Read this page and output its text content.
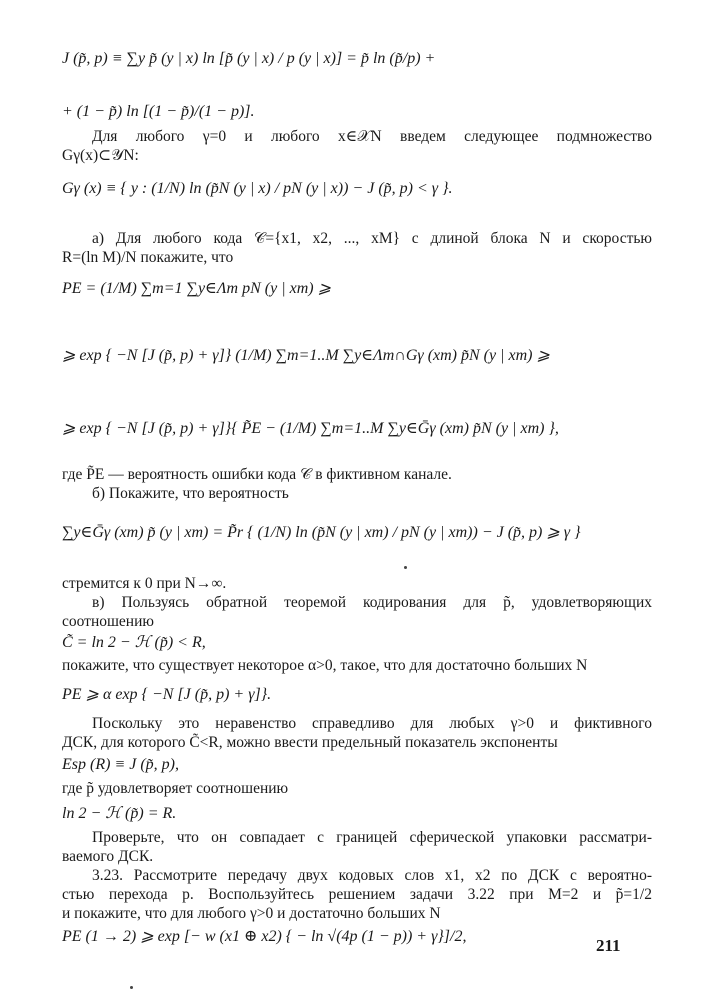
J (p̃, p) ≡ ∑y p̃ (y | x) ln [p̃ (y | x) / p (y | x)] = p̃ ln (p̃/p) +
+ (1 − p̃) ln [(1 − p̃)/(1 − p)].
Для любого γ=0 и любого x∈𝒳N введем следующее подмножество
Gγ(x)⊂𝒴N:
Gγ (x) ≡ { y : (1/N) ln (p̃N (y | x) / pN (y | x)) − J (p̃, p) < γ }.
а) Для любого кода 𝒞={x1, x2, ..., xM} с длиной блока N и скоростью
R=(ln M)/N покажите, что
PE = (1/M) ∑m=1 ∑y∈Λm pN (y | xm) ⩾
⩾ exp { −N [J (p̃, p) + γ]} (1/M) ∑m=1..M ∑y∈Λm∩Gγ (xm) p̃N (y | xm) ⩾
⩾ exp { −N [J (p̃, p) + γ]}{ P̃E − (1/M) ∑m=1..M ∑y∈Ḡγ (xm) p̃N (y | xm) },
где P̃E — вероятность ошибки кода 𝒞 в фиктивном канале.
б) Покажите, что вероятность
∑y∈Ḡγ (xm) p̃ (y | xm) = P̃r { (1/N) ln (p̃N (y | xm) / pN (y | xm)) − J (p̃, p) ⩾ γ }
стремится к 0 при N→∞.
в) Пользуясь обратной теоремой кодирования для p̃, удовлетворяющих
соотношению
C̃ = ln 2 − ℋ (p̃) < R,
покажите, что существует некоторое α>0, такое, что для достаточно больших N
PE ⩾ α exp { −N [J (p̃, p) + γ]}.
Поскольку это неравенство справедливо для любых γ>0 и фиктивного
ДСК, для которого C̃<R, можно ввести предельный показатель экспоненты
Esp (R) ≡ J (p̃, p),
где p̃ удовлетворяет соотношению
ln 2 − ℋ (p̃) = R.
Проверьте, что он совпадает с границей сферической упаковки рассматри-
ваемого ДСК.
3.23. Рассмотрите передачу двух кодовых слов x1, x2 по ДСК с вероятно-
стью перехода p. Воспользуйтесь решением задачи 3.22 при M=2 и p̃=1/2
и покажите, что для любого γ>0 и достаточно больших N
PE (1 → 2) ⩾ exp [− w (x1 ⊕ x2) { − ln √(4p (1 − p)) + γ}]/2,	211
